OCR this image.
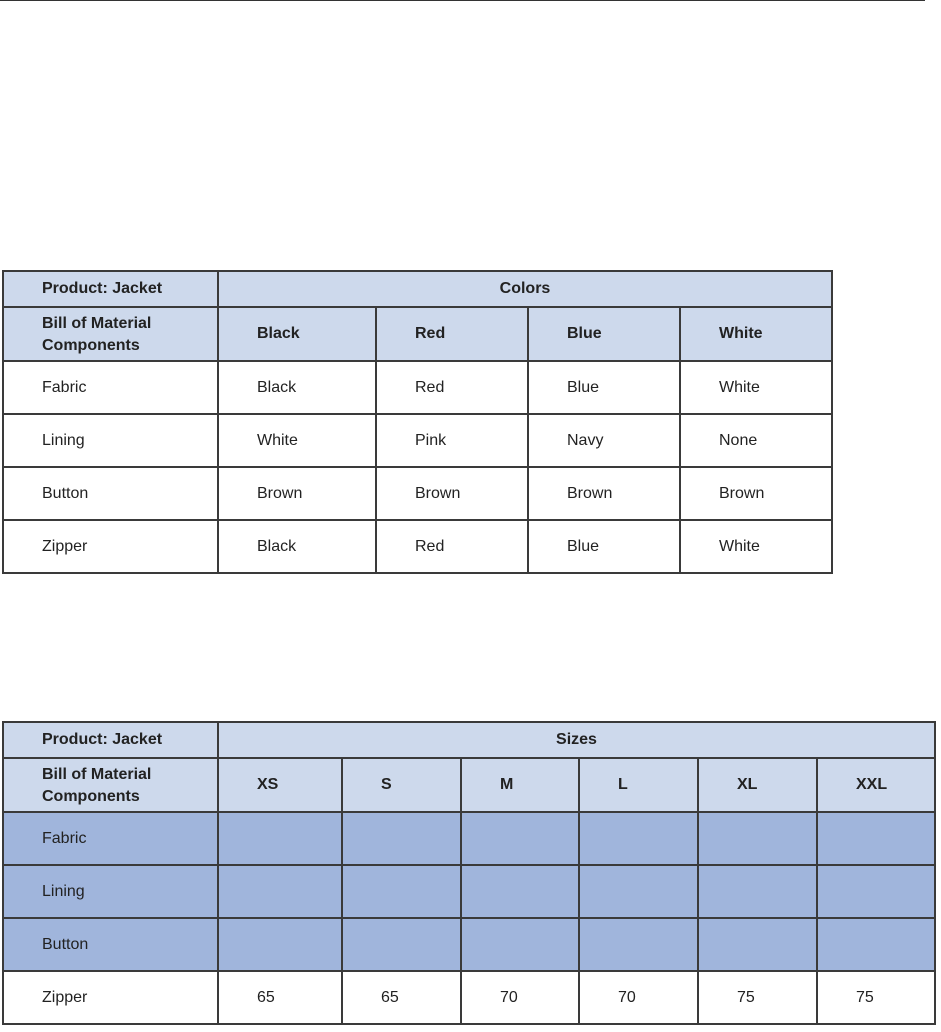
Product: Jacket	Colors			
Bill of Material Components	Black	Red	Blue	White
Fabric	Black	Red	Blue	White
Lining	White	Pink	Navy	None
Button	Brown	Brown	Brown	Brown
Zipper	Black	Red	Blue	White
Product: Jacket	Sizes					
Bill of Material Components	XS	S	M	L	XL	XXL
Fabric						
Lining						
Button						
Zipper	65	65	70	70	75	75
